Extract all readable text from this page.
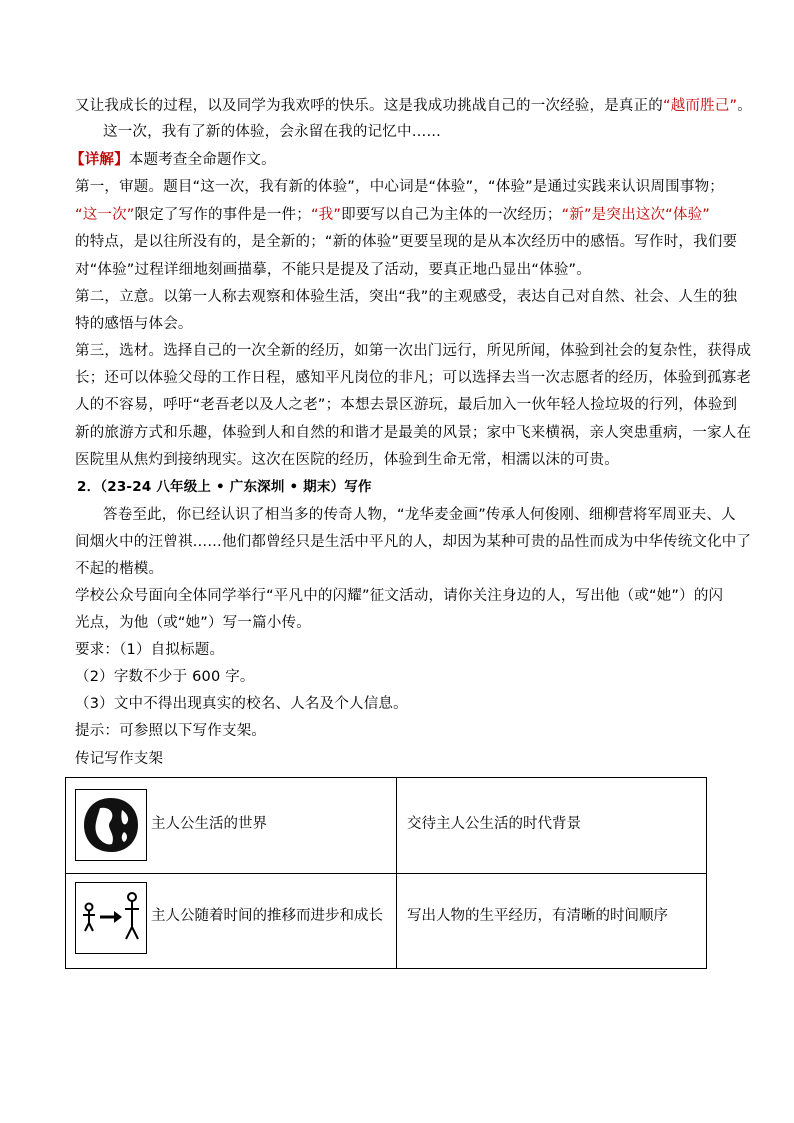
又让我成长的过程，以及同学为我欢呼的快乐。这是我成功挑战自己的一次经验，是真正的“越而胜己”。
这一次，我有了新的体验，会永留在我的记忆中……
【详解】本题考查全命题作文。
第一，审题。题目“这一次，我有新的体验”，中心词是“体验”，“体验”是通过实践来认识周围事物；
“这一次”限定了写作的事件是一件；“我”即要写以自己为主体的一次经历；“新”是突出这次“体验”
的特点，是以往所没有的，是全新的；“新的体验”更要呈现的是从本次经历中的感悟。写作时，我们要
对“体验”过程详细地刻画描摹，不能只是提及了活动，要真正地凸显出“体验”。
第二，立意。以第一人称去观察和体验生活，突出“我”的主观感受，表达自己对自然、社会、人生的独
特的感悟与体会。
第三，选材。选择自己的一次全新的经历，如第一次出门远行，所见所闻，体验到社会的复杂性，获得成
长；还可以体验父母的工作日程，感知平凡岗位的非凡；可以选择去当一次志愿者的经历，体验到孤寡老
人的不容易，呼吁“老吾老以及人之老”；本想去景区游玩，最后加入一伙年轻人捡垃圾的行列，体验到
新的旅游方式和乐趣，体验到人和自然的和谐才是最美的风景；家中飞来横祸，亲人突患重病，一家人在
医院里从焦灼到接纳现实。这次在医院的经历，体验到生命无常，相濡以沫的可贵。
2．（23-24 八年级上 • 广东深圳 • 期末）写作
答卷至此，你已经认识了相当多的传奇人物，“龙华麦金画”传承人何俊刚、细柳营将军周亚夫、人
间烟火中的汪曾祺……他们都曾经只是生活中平凡的人，却因为某种可贵的品性而成为中华传统文化中了
不起的楷模。
学校公众号面向全体同学举行“平凡中的闪耀”征文活动，请你关注身边的人，写出他（或“她”）的闪
光点，为他（或“她”）写一篇小传。
要求：（1）自拟标题。
（2）字数不少于 600 字。
（3）文中不得出现真实的校名、人名及个人信息。
提示：可参照以下写作支架。
传记写作支架
主人公生活的世界	交待主人公生活的时代背景
主人公随着时间的推移而进步和成长 写出人物的生平经历，有清晰的时间顺序
